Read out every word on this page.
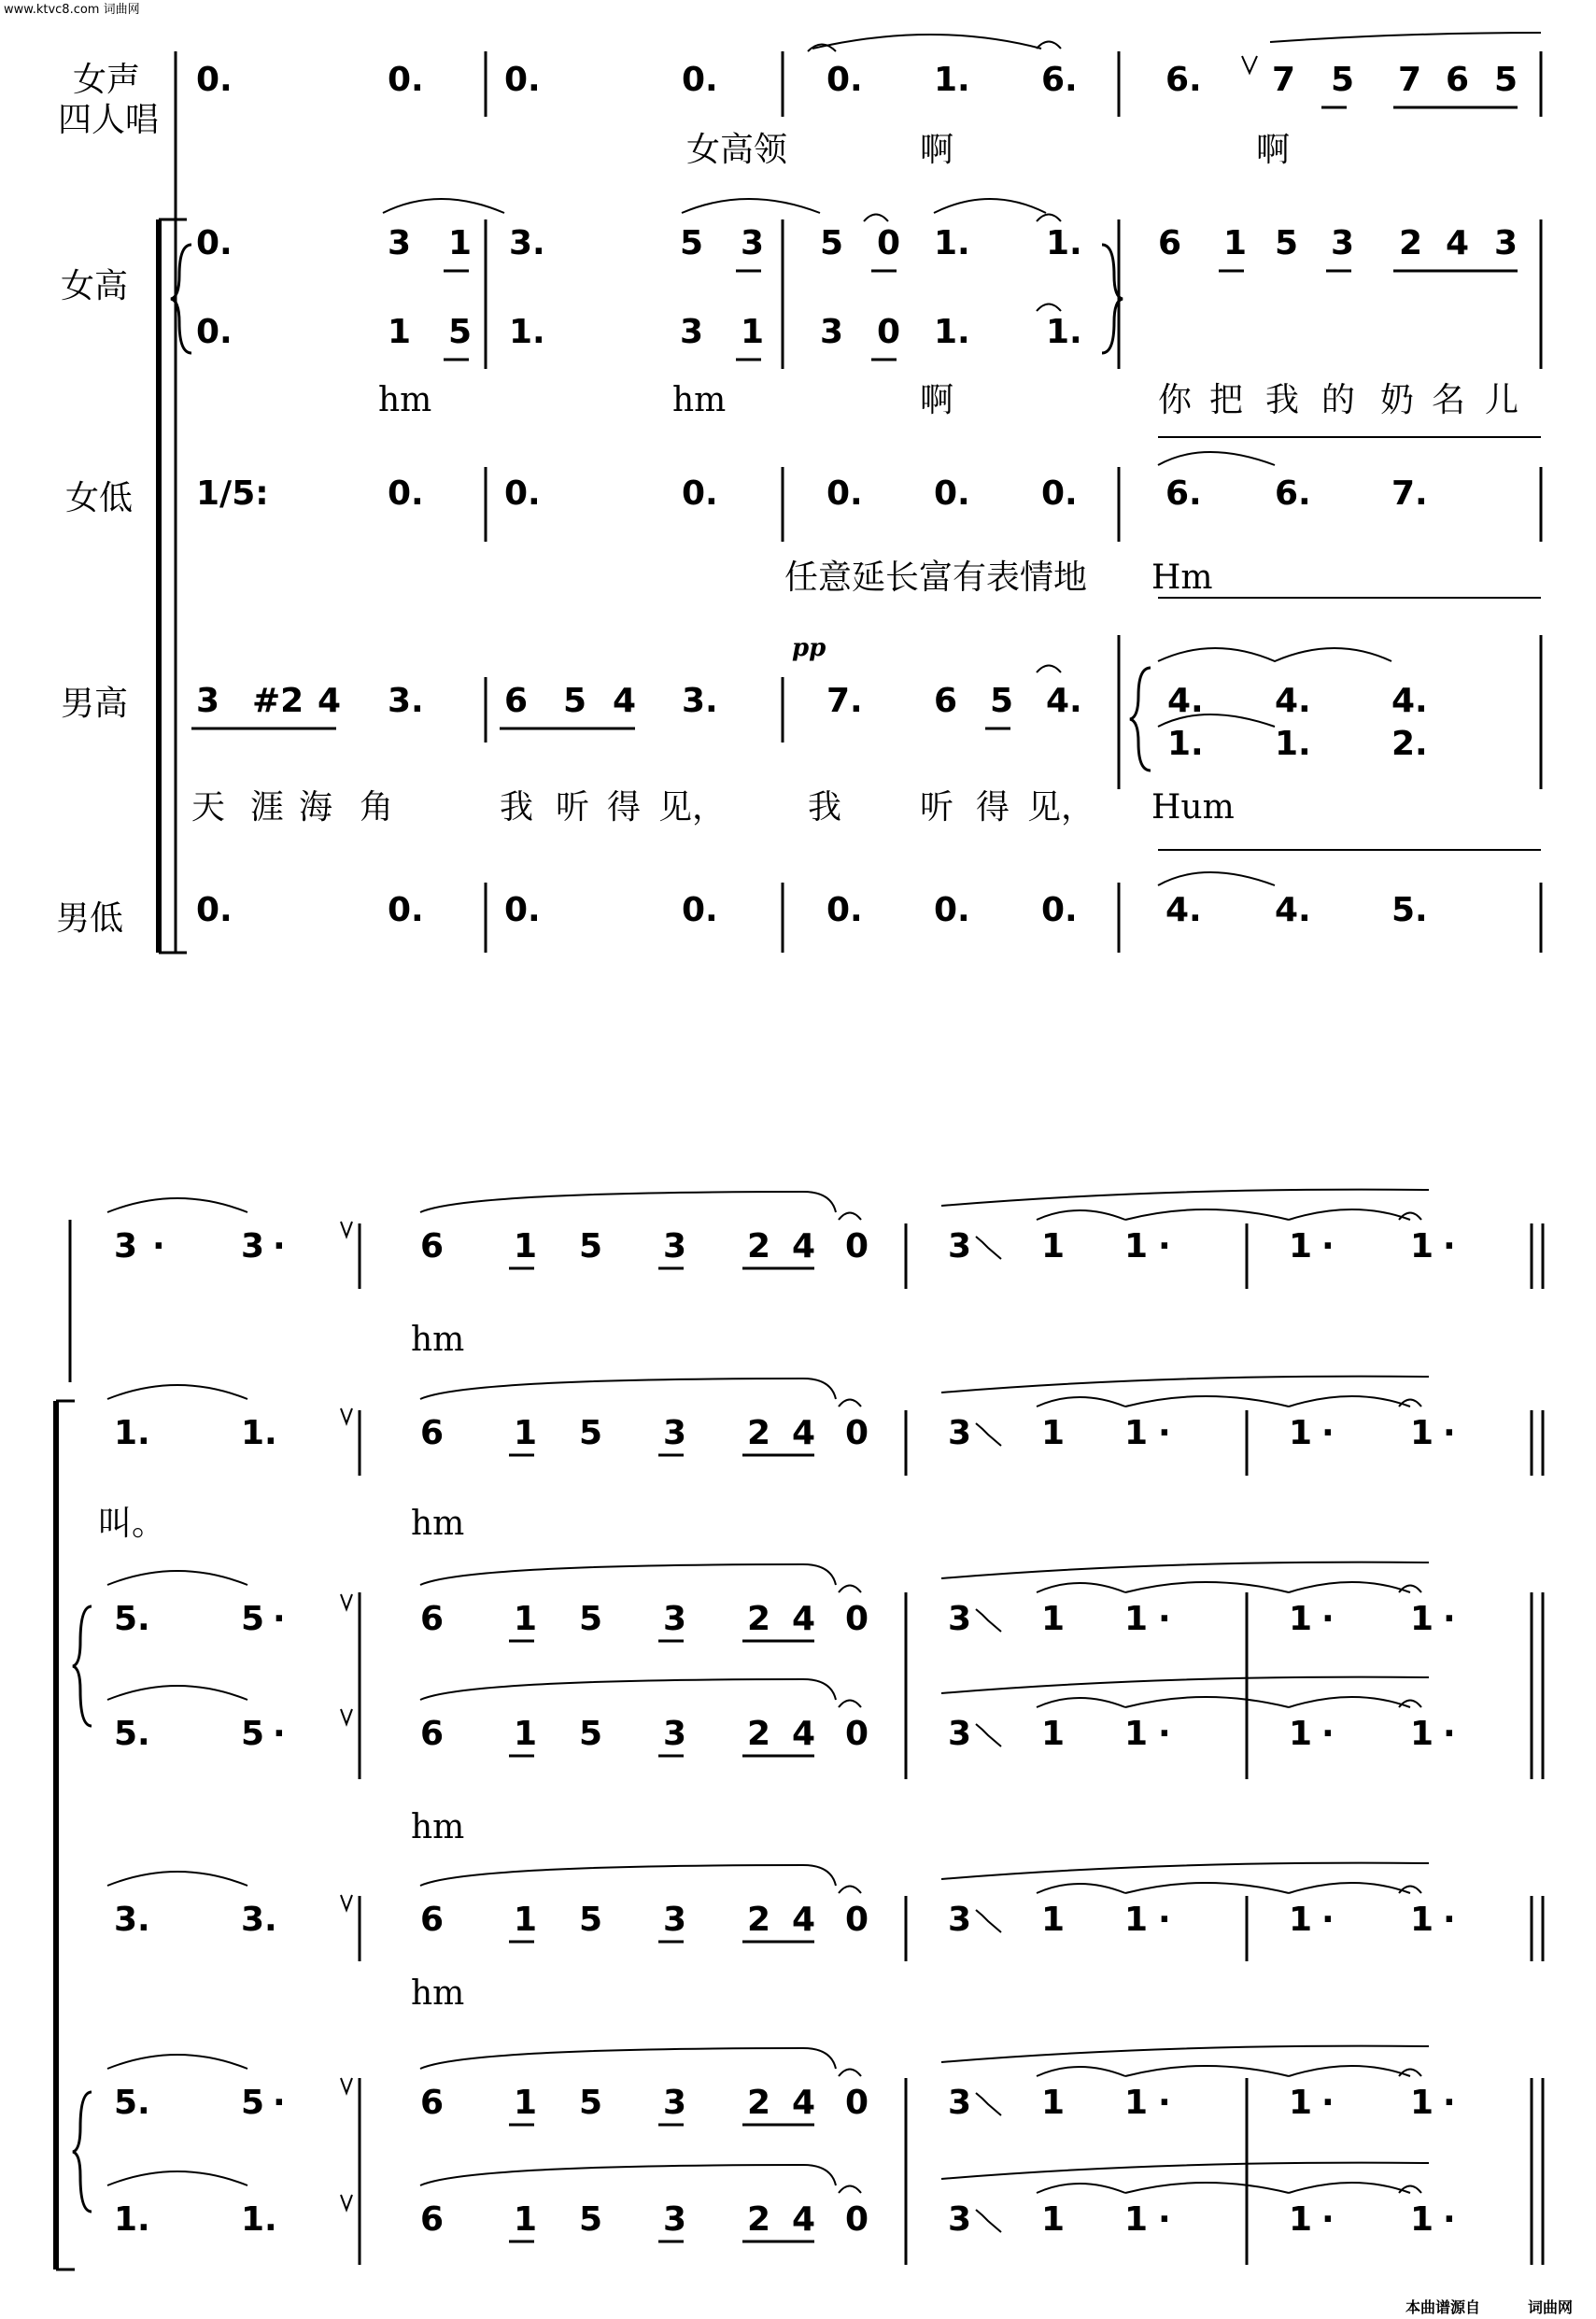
www.ktvc8.com 词曲网
女声
四人唱
女高
女低
男高
男低
0.	0. 0.	0.	0. 1. 6.	6. 7 5 7 6 5
0.	3 1 3.	5 3 5 0 1. 1. 6 1 5 3 2 4 3
0.	1 5 1.	3 1 3 0 1. 1.
1/5:	0. 0.	0.	0. 0. 0.	6. 6. 7.
3 #2 4 3. 6 5 4 3.	7. 6 5 4.	4. 4. 4.
1. 1. 2.
0.	0. 0.	0.	0. 0. 0.	4. 4. 5.
3 · 3 ·	6 1 5 3 2 4 0 3 1 1 ·	1 · 1 ·
1.	1.	6 1 5 3 2 4 0 3 1 1 ·	1 · 1 ·
5.	5 ·	6 1 5 3 2 4 0 3 1 1 ·	1 · 1 ·
5.	5 ·	6 1 5 3 2 4 0 3 1 1 ·	1 · 1 ·
3.	3.	6 1 5 3 2 4 0 3 1 1 ·	1 · 1 ·
5.	5 ·	6 1 5 3 2 4 0 3 1 1 ·	1 · 1 ·
1.	1.	6 1 5 3 2 4 0 3 1 1 ·	1 · 1 ·
女高领	啊	啊
hm	hm	啊	你 把 我 的 奶 名 儿
任意延长富有表情地 Hm
天 涯 海 角	我 听 得 见， 我 听 得 见， Hum
hm
叫。	hm
hm
hm
pp
本曲谱源自	词曲网
